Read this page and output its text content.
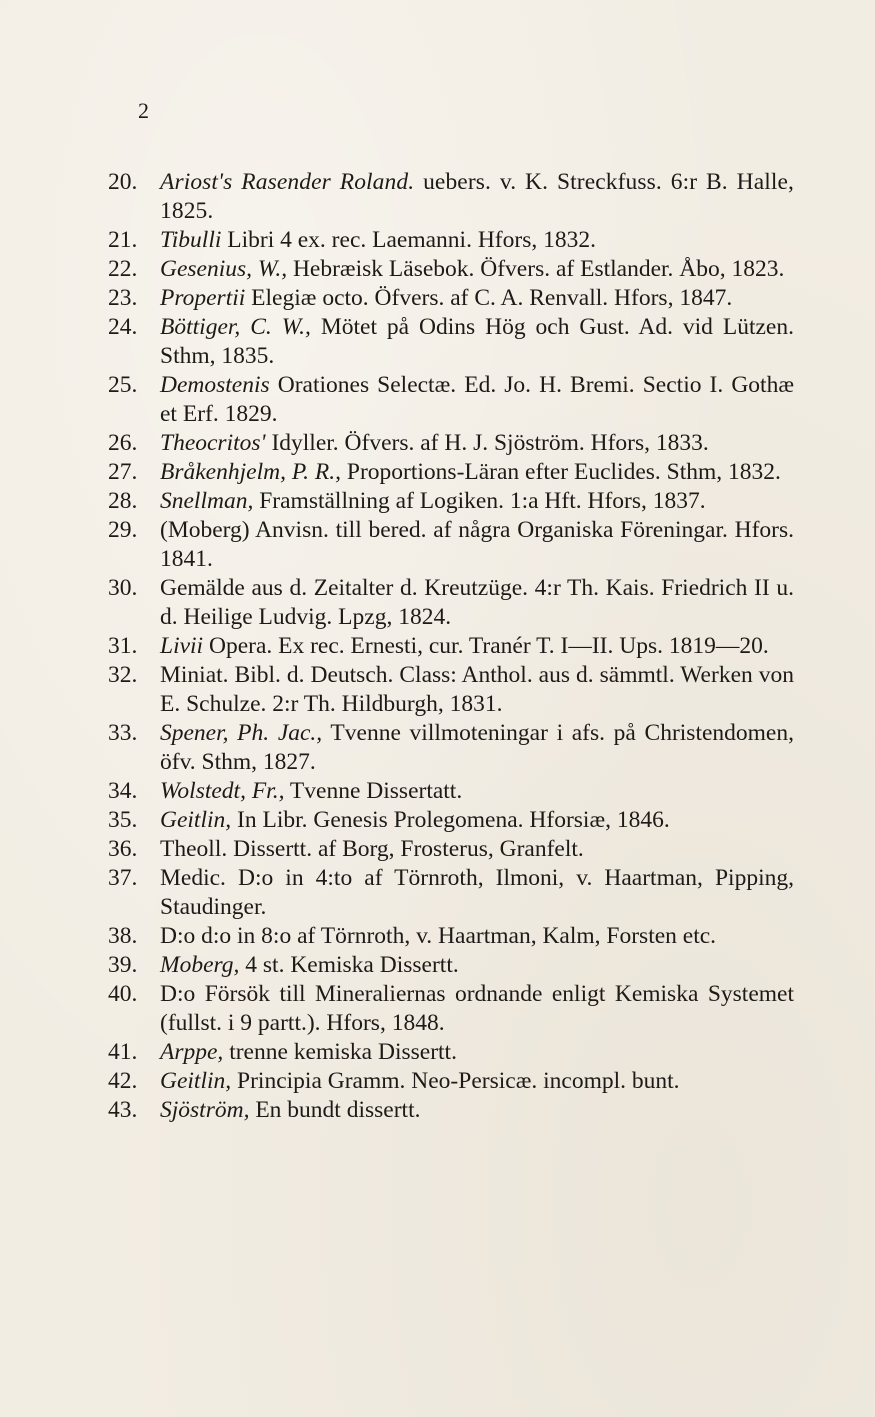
2
20. Ariost's Rasender Roland. uebers. v. K. Streckfuss. 6:r B. Halle, 1825.
21. Tibulli Libri 4 ex. rec. Laemanni. Hfors, 1832.
22. Gesenius, W., Hebræisk Läsebok. Öfvers. af Estlander. Åbo, 1823.
23. Propertii Elegiæ octo. Öfvers. af C. A. Renvall. Hfors, 1847.
24. Böttiger, C. W., Mötet på Odins Hög och Gust. Ad. vid Lützen. Sthm, 1835.
25. Demostenis Orationes Selectæ. Ed. Jo. H. Bremi. Sectio I. Gothæ et Erf. 1829.
26. Theocritos' Idyller. Öfvers. af H. J. Sjöström. Hfors, 1833.
27. Bråkenhjelm, P. R., Proportions-Läran efter Euclides. Sthm, 1832.
28. Snellman, Framställning af Logiken. 1:a Hft. Hfors, 1837.
29. (Moberg) Anvisn. till bered. af några Organiska Föreningar. Hfors. 1841.
30. Gemälde aus d. Zeitalter d. Kreutzüge. 4:r Th. Kais. Friedrich II u. d. Heilige Ludvig. Lpzg, 1824.
31. Livii Opera. Ex rec. Ernesti, cur. Tranér T. I—II. Ups. 1819—20.
32. Miniat. Bibl. d. Deutsch. Class: Anthol. aus d. sämmtl. Werken von E. Schulze. 2:r Th. Hildburgh, 1831.
33. Spener, Ph. Jac., Tvenne villmoteningar i afs. på Christendomen, öfv. Sthm, 1827.
34. Wolstedt, Fr., Tvenne Dissertatt.
35. Geitlin, In Libr. Genesis Prolegomena. Hforsiæ, 1846.
36. Theoll. Dissertt. af Borg, Frosterus, Granfelt.
37. Medic. D:o in 4:to af Törnroth, Ilmoni, v. Haartman, Pipping, Staudinger.
38. D:o d:o in 8:o af Törnroth, v. Haartman, Kalm, Forsten etc.
39. Moberg, 4 st. Kemiska Dissertt.
40. D:o Försök till Mineraliernas ordnande enligt Kemiska Systemet (fullst. i 9 partt.). Hfors, 1848.
41. Arppe, trenne kemiska Dissertt.
42. Geitlin, Principia Gramm. Neo-Persicæ. incompl. bunt.
43. Sjöström, En bundt dissertt.
